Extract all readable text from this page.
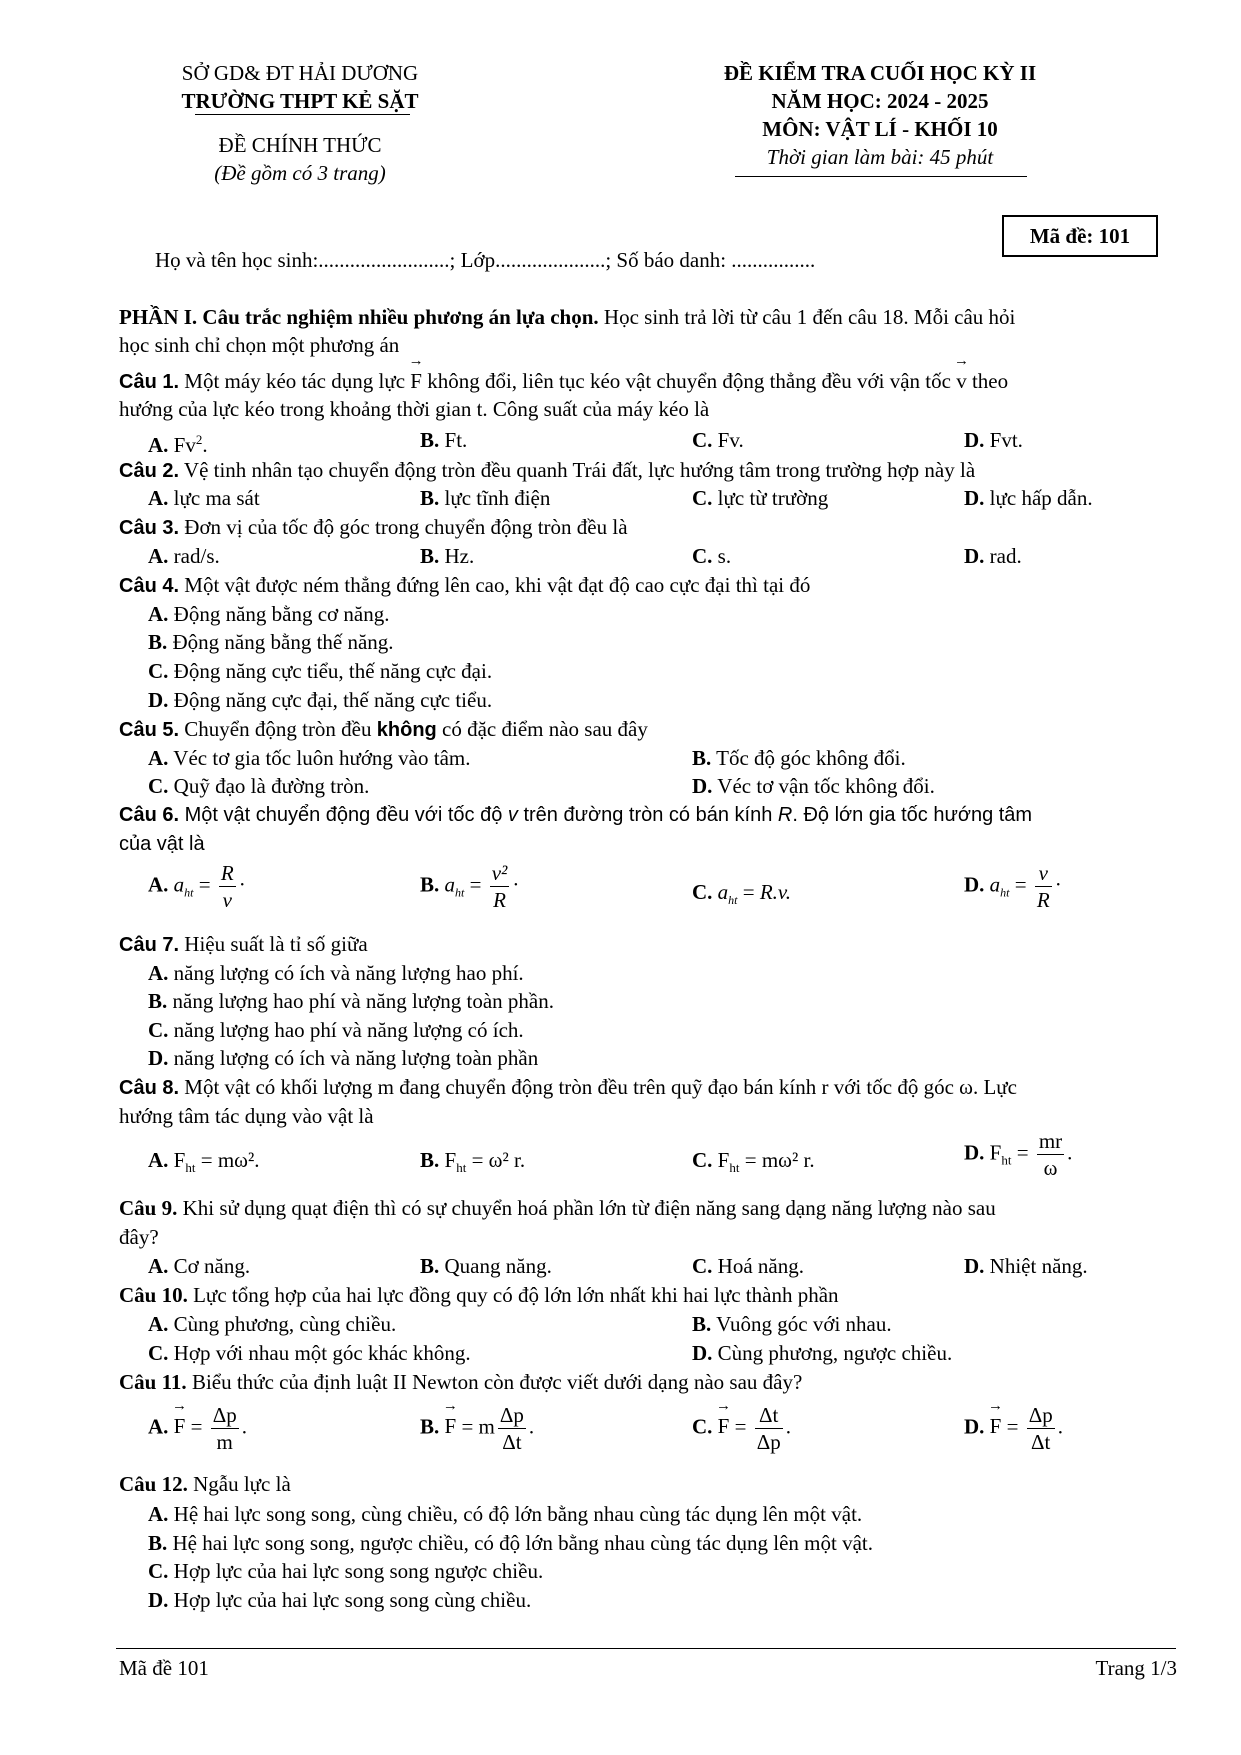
SỞ GD& ĐT HẢI DƯƠNG
TRƯỜNG THPT KẺ SẶT
ĐỀ CHÍNH THỨC
(Đề gồm có 3 trang)
ĐỀ KIỂM TRA CUỐI HỌC KỲ II
NĂM HỌC: 2024 - 2025
MÔN: VẬT LÍ - KHỐI 10
Thời gian làm bài: 45 phút
Mã đề: 101
Họ và tên học sinh:.........................; Lớp.....................; Số báo danh: ................
PHẦN I. Câu trắc nghiệm nhiều phương án lựa chọn. Học sinh trả lời từ câu 1 đến câu 18. Mỗi câu hỏi
học sinh chỉ chọn một phương án
Câu 1. Một máy kéo tác dụng lực → F không đổi, liên tục kéo vật chuyển động thẳng đều với vận tốc → v theo
hướng của lực kéo trong khoảng thời gian t. Công suất của máy kéo là
A. Fv$^2$.	B. Ft.	C. Fv.	D. Fvt.
Câu 2. Vệ tinh nhân tạo chuyển động tròn đều quanh Trái đất, lực hướng tâm trong trường hợp này là
A. lực ma sát	B. lực tĩnh điện	C. lực từ trường	D. lực hấp dẫn.
Câu 3. Đơn vị của tốc độ góc trong chuyển động tròn đều là
A. rad/s.	B. Hz.	C. s.	D. rad.
Câu 4. Một vật được ném thẳng đứng lên cao, khi vật đạt độ cao cực đại thì tại đó
A. Động năng bằng cơ năng.
B. Động năng bằng thế năng.
C. Động năng cực tiểu, thế năng cực đại.
D. Động năng cực đại, thế năng cực tiểu.
Câu 5. Chuyển động tròn đều không có đặc điểm nào sau đây
A. Véc tơ gia tốc luôn hướng vào tâm.	B. Tốc độ góc không đổi.
C. Quỹ đạo là đường tròn.	D. Véc tơ vận tốc không đổi.
Câu 6. Một vật chuyển động đều với tốc độ v trên đường tròn có bán kính R. Độ lớn gia tốc hướng tâm
của vật là
A. $a_{ht} = \frac{R}{v}$ ·	B. $a_{ht} = \frac{\text{v²}}{R}$ ·	C. $a_{ht} = R.v$.	D. $a_{ht} = \frac{v}{R}$ ·
Câu 7. Hiệu suất là tỉ số giữa
A. năng lượng có ích và năng lượng hao phí.
B. năng lượng hao phí và năng lượng toàn phần.
C. năng lượng hao phí và năng lượng có ích.
D. năng lượng có ích và năng lượng toàn phần
Câu 8. Một vật có khối lượng m đang chuyển động tròn đều trên quỹ đạo bán kính r với tốc độ góc ω. Lực
hướng tâm tác dụng vào vật là
A. $F_{ht} = m\omega^2$.	B. $F_{ht} = \omega^2$ r.	C. $F_{ht} = m\omega^2$ r.	D. $F_{ht} = \frac{mr}{\omega}$ .
Câu 9. Khi sử dụng quạt điện thì có sự chuyển hoá phần lớn từ điện năng sang dạng năng lượng nào sau
đây?
A. Cơ năng.	B. Quang năng.	C. Hoá năng.	D. Nhiệt năng.
Câu 10. Lực tổng hợp của hai lực đồng quy có độ lớn lớn nhất khi hai lực thành phần
A. Cùng phương, cùng chiều.	B. Vuông góc với nhau.
C. Hợp với nhau một góc khác không.	D. Cùng phương, ngược chiều.
Câu 11. Biểu thức của định luật II Newton còn được viết dưới dạng nào sau đây?
A. → $F = \frac{\Delta p}{m}$ .	B. → F = m $\frac{\Delta p}{\Delta t}$ .	C. → $F = \frac{\Delta t}{\Delta p}$ .	D. → $F = \frac{\Delta p}{\Delta t}$ .
Câu 12. Ngẫu lực là
A. Hệ hai lực song song, cùng chiều, có độ lớn bằng nhau cùng tác dụng lên một vật.
B. Hệ hai lực song song, ngược chiều, có độ lớn bằng nhau cùng tác dụng lên một vật.
C. Hợp lực của hai lực song song ngược chiều.
D. Hợp lực của hai lực song song cùng chiều.
Mã đề 101	Trang 1/3
